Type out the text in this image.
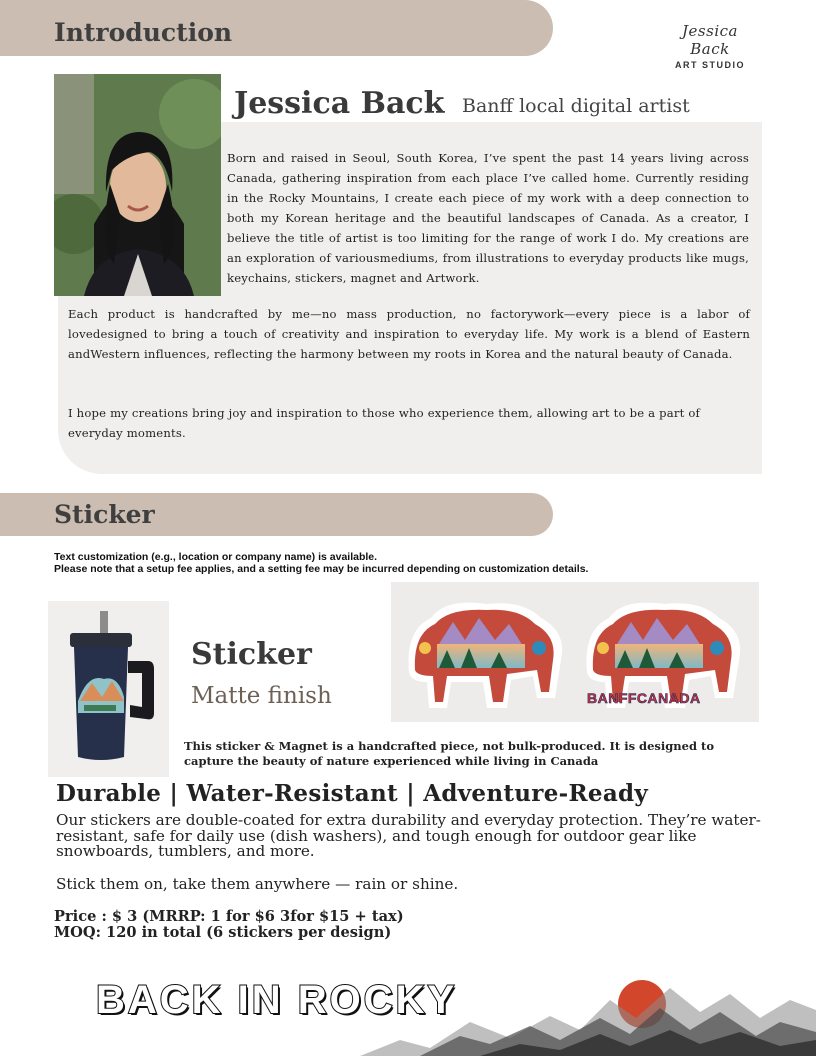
Introduction	Jessica Back
ART STUDIO
Jessica Back Banff local digital artist
Born and raised in Seoul, South Korea, I’ve spent the past 14 years living across Canada, gathering inspiration from each place I’ve called home. Currently residing in the Rocky Mountains, I create each piece of my work with a deep connection to both my Korean heritage and the beautiful landscapes of Canada. As a creator, I believe the title of artist is too limiting for the range of work I do. My creations are an exploration of variousmediums, from illustrations to everyday products like mugs, keychains, stickers, magnet and Artwork.
Each product is handcrafted by me—no mass production, no factorywork—every piece is a labor of lovedesigned to bring a touch of creativity and inspiration to everyday life. My work is a blend of Eastern andWestern influences, reflecting the harmony between my roots in Korea and the natural beauty of Canada.
I hope my creations bring joy and inspiration to those who experience them, allowing art to be a part of everyday moments.
Sticker
Text customization (e.g., location or company name) is available.
Please note that a setup fee applies, and a setting fee may be incurred depending on customization details.
Sticker
Matte finish	BANFFCANADA
This sticker & Magnet is a handcrafted piece, not bulk-produced. It is designed to capture the beauty of nature experienced while living in Canada
Durable | Water-Resistant | Adventure-Ready
Our stickers are double-coated for extra durability and everyday protection. They’re water-resistant, safe for daily use (dish washers), and tough enough for outdoor gear like snowboards, tumblers, and more.
Stick them on, take them anywhere — rain or shine.
Price : $ 3 (MRRP: 1 for $6 3for $15 + tax)
MOQ: 120 in total (6 stickers per design)
BACK IN ROCKY
